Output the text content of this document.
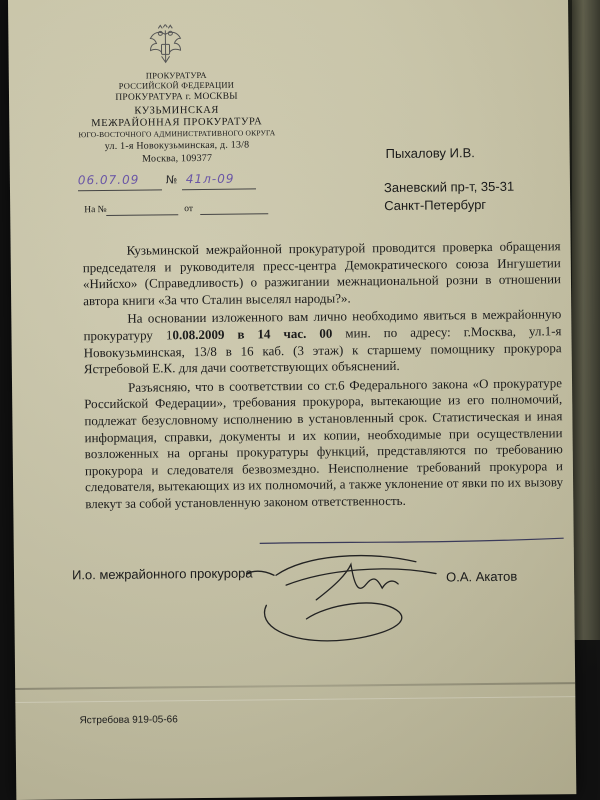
ПРОКУРАТУРА
РОССИЙСКОЙ ФЕДЕРАЦИИ
ПРОКУРАТУРА г. МОСКВЫ
КУЗЬМИНСКАЯ
МЕЖРАЙОННАЯ ПРОКУРАТУРА
ЮГО-ВОСТОЧНОГО АДМИНИСТРАТИВНОГО ОКРУГА
ул. 1-я Новокузьминская, д. 13/8
Москва, 109377
06.07.09 № 41л-09
На №	от
Пыхалову И.В.
Заневский пр-т, 35-31
Санкт-Петербург

Кузьминской межрайонной прокуратурой проводится проверка обращения председателя и руководителя пресс-центра Демократического союза Ингушетии «Нийсхо» (Справедливость) о разжигании межнациональной розни в отношении автора книги «За что Сталин выселял народы?».

На основании изложенного вам лично необходимо явиться в межрайонную прокуратуру 10.08.2009 в 14 час. 00 мин. по адресу: г.Москва, ул.1-я Новокузьминская, 13/8 в 16 каб. (3 этаж) к старшему помощнику прокурора Ястребовой Е.К. для дачи соответствующих объяснений.

Разъясняю, что в соответствии со ст.6 Федерального закона «О прокуратуре Российской Федерации», требования прокурора, вытекающие из его полномочий, подлежат безусловному исполнению в установленный срок. Статистическая и иная информация, справки, документы и их копии, необходимые при осуществлении возложенных на органы прокуратуры функций, представляются по требованию прокурора и следователя безвозмездно. Неисполнение требований прокурора и следователя, вытекающих из их полномочий, а также уклонение от явки по их вызову влекут за собой установленную законом ответственность.

И.о. межрайонного прокурора	О.А. Акатов
Ястребова 919-05-66
